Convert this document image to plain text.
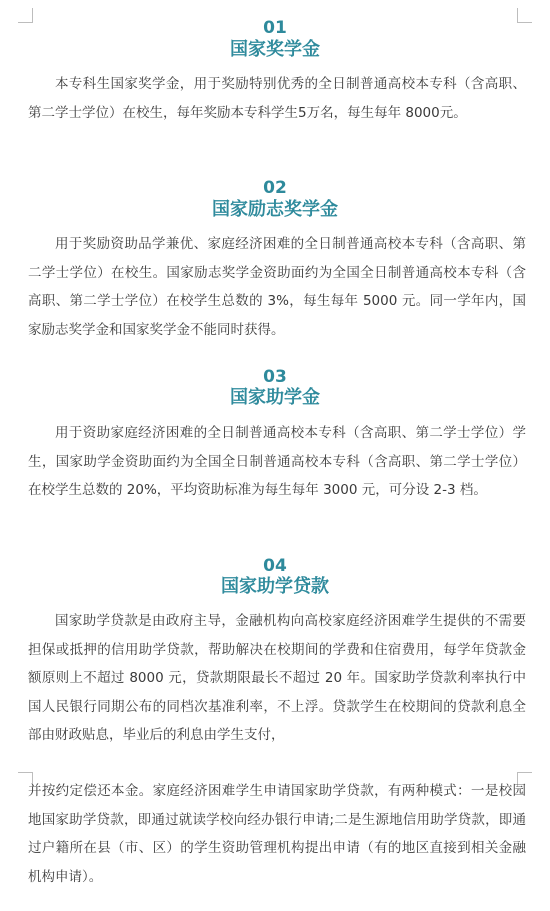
01
国家奖学金

本专科生国家奖学金，用于奖励特别优秀的全日制普通高校本专科（含高职、第二学士学位）在校生，每年奖励本专科学生5万名，每生每年 8000元。

02
国家励志奖学金

用于奖励资助品学兼优、家庭经济困难的全日制普通高校本专科（含高职、第二学士学位）在校生。国家励志奖学金资助面约为全国全日制普通高校本专科（含高职、第二学士学位）在校学生总数的 3%，每生每年 5000 元。同一学年内，国家励志奖学金和国家奖学金不能同时获得。

03
国家助学金

用于资助家庭经济困难的全日制普通高校本专科（含高职、第二学士学位）学生，国家助学金资助面约为全国全日制普通高校本专科（含高职、第二学士学位）在校学生总数的 20%，平均资助标准为每生每年 3000 元，可分设 2-3 档。

04
国家助学贷款

国家助学贷款是由政府主导，金融机构向高校家庭经济困难学生提供的不需要担保或抵押的信用助学贷款，帮助解决在校期间的学费和住宿费用，每学年贷款金额原则上不超过 8000 元，贷款期限最长不超过 20 年。国家助学贷款利率执行中国人民银行同期公布的同档次基准利率，不上浮。贷款学生在校期间的贷款利息全部由财政贴息，毕业后的利息由学生支付，

并按约定偿还本金。家庭经济困难学生申请国家助学贷款，有两种模式：一是校园地国家助学贷款，即通过就读学校向经办银行申请;二是生源地信用助学贷款，即通过户籍所在县（市、区）的学生资助管理机构提出申请（有的地区直接到相关金融机构申请）。
